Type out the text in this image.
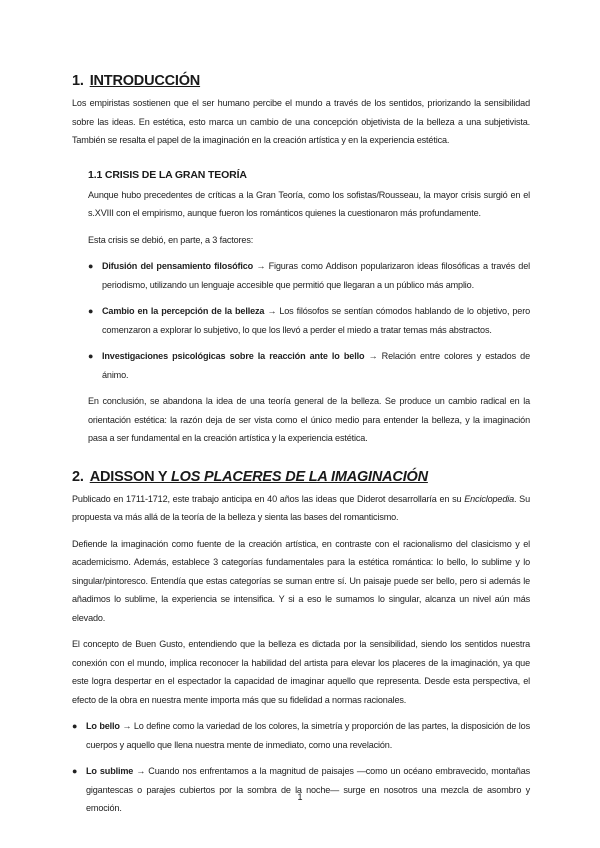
1. INTRODUCCIÓN

Los empiristas sostienen que el ser humano percibe el mundo a través de los sentidos, priorizando la sensibilidad sobre las ideas. En estética, esto marca un cambio de una concepción objetivista de la belleza a una subjetivista. También se resalta el papel de la imaginación en la creación artística y en la experiencia estética.

1.1 CRISIS DE LA GRAN TEORÍA

Aunque hubo precedentes de críticas a la Gran Teoría, como los sofistas/Rousseau, la mayor crisis surgió en el s.XVIII con el empirismo, aunque fueron los románticos quienes la cuestionaron más profundamente.

Esta crisis se debió, en parte, a 3 factores:

● Difusión del pensamiento filosófico → Figuras como Addison popularizaron ideas filosóficas a través del periodismo, utilizando un lenguaje accesible que permitió que llegaran a un público más amplio.
● Cambio en la percepción de la belleza → Los filósofos se sentían cómodos hablando de lo objetivo, pero comenzaron a explorar lo subjetivo, lo que los llevó a perder el miedo a tratar temas más abstractos.
● Investigaciones psicológicas sobre la reacción ante lo bello → Relación entre colores y estados de ánimo.

En conclusión, se abandona la idea de una teoría general de la belleza. Se produce un cambio radical en la orientación estética: la razón deja de ser vista como el único medio para entender la belleza, y la imaginación pasa a ser fundamental en la creación artística y la experiencia estética.

2. ADISSON Y LOS PLACERES DE LA IMAGINACIÓN

Publicado en 1711-1712, este trabajo anticipa en 40 años las ideas que Diderot desarrollaría en su Enciclopedia. Su propuesta va más allá de la teoría de la belleza y sienta las bases del romanticismo.

Defiende la imaginación como fuente de la creación artística, en contraste con el racionalismo del clasicismo y el academicismo. Además, establece 3 categorías fundamentales para la estética romántica: lo bello, lo sublime y lo singular/pintoresco. Entendía que estas categorías se suman entre sí. Un paisaje puede ser bello, pero si además le añadimos lo sublime, la experiencia se intensifica. Y si a eso le sumamos lo singular, alcanza un nivel aún más elevado.

El concepto de Buen Gusto, entendiendo que la belleza es dictada por la sensibilidad, siendo los sentidos nuestra conexión con el mundo, implica reconocer la habilidad del artista para elevar los placeres de la imaginación, ya que este logra despertar en el espectador la capacidad de imaginar aquello que representa. Desde esta perspectiva, el efecto de la obra en nuestra mente importa más que su fidelidad a normas racionales.

● Lo bello → Lo define como la variedad de los colores, la simetría y proporción de las partes, la disposición de los cuerpos y aquello que llena nuestra mente de inmediato, como una revelación.
● Lo sublime → Cuando nos enfrentamos a la magnitud de paisajes —como un océano embravecido, montañas gigantescas o parajes cubiertos por la sombra de la noche— surge en nosotros una mezcla de asombro y emoción.
1
